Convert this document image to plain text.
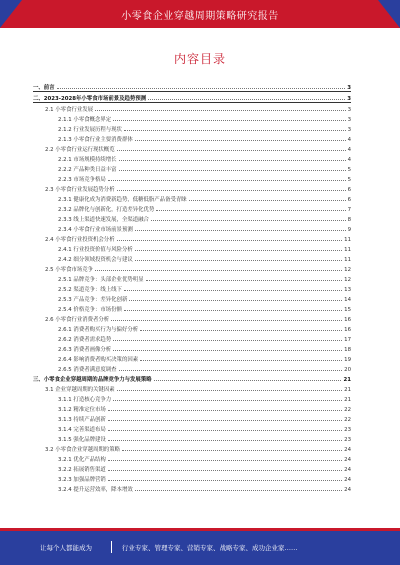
小零食企业穿越周期策略研究报告
内容目录
一、前言	3
二、2023-2028年小零食市场前景及趋势预测	3
2.1 小零食行业发展	3
2.1.1 小零食概念界定	3
2.1.2 行业发展历程与现状	3
2.1.3 小零食行业主要消费群体	4
2.2 小零食行业运行现状概览	4
2.2.1 市场规模持续增长	4
2.2.2 产品种类日益丰富	5
2.2.3 市场竞争格局	5
2.3 小零食行业发展趋势分析	6
2.3.1 健康化成为消费新趋势，低糖低脂产品备受青睐	6
2.3.2 品牌化与创新化，打造差异化优势	7
2.3.3 线上渠道快速发展，全渠道融合	8
2.3.4 小零食行业市场前景预测	9
2.4 小零食行业投资机会分析	11
2.4.1 行业投资价值与风险分析	11
2.4.2 细分领域投资机会与建议	11
2.5 小零食市场竞争	12
2.5.1 品牌竞争：头部企业优势明显	12
2.5.2 渠道竞争：线上线下	13
2.5.3 产品竞争：差异化创新	14
2.5.4 价格竞争：市场份额	15
2.6 小零食行业消费者分析	16
2.6.1 消费者购买行为与偏好分析	16
2.6.2 消费者需求趋势	17
2.6.3 消费者画像分析	18
2.6.4 影响消费者购买决策的因素	19
2.6.5 消费者满意度调查	20
三、小零食企业穿越周期的品牌竞争力与发展策略	21
3.1 企业穿越周期的关键因素	21
3.1.1 打造核心竞争力	21
3.1.2 精准定位市场	22
3.1.3 持续产品创新	22
3.1.4 完善渠道布局	23
3.1.5 强化品牌建设	23
3.2 小零食企业穿越周期的策略	24
3.2.1 优化产品结构	24
3.2.2 拓展销售渠道	24
3.2.3 加强品牌营销	24
3.2.4 提升运营效率，降本增效	24
让每个人都能成为	行业专家、管理专家、营销专家、战略专家、成功企业家……
